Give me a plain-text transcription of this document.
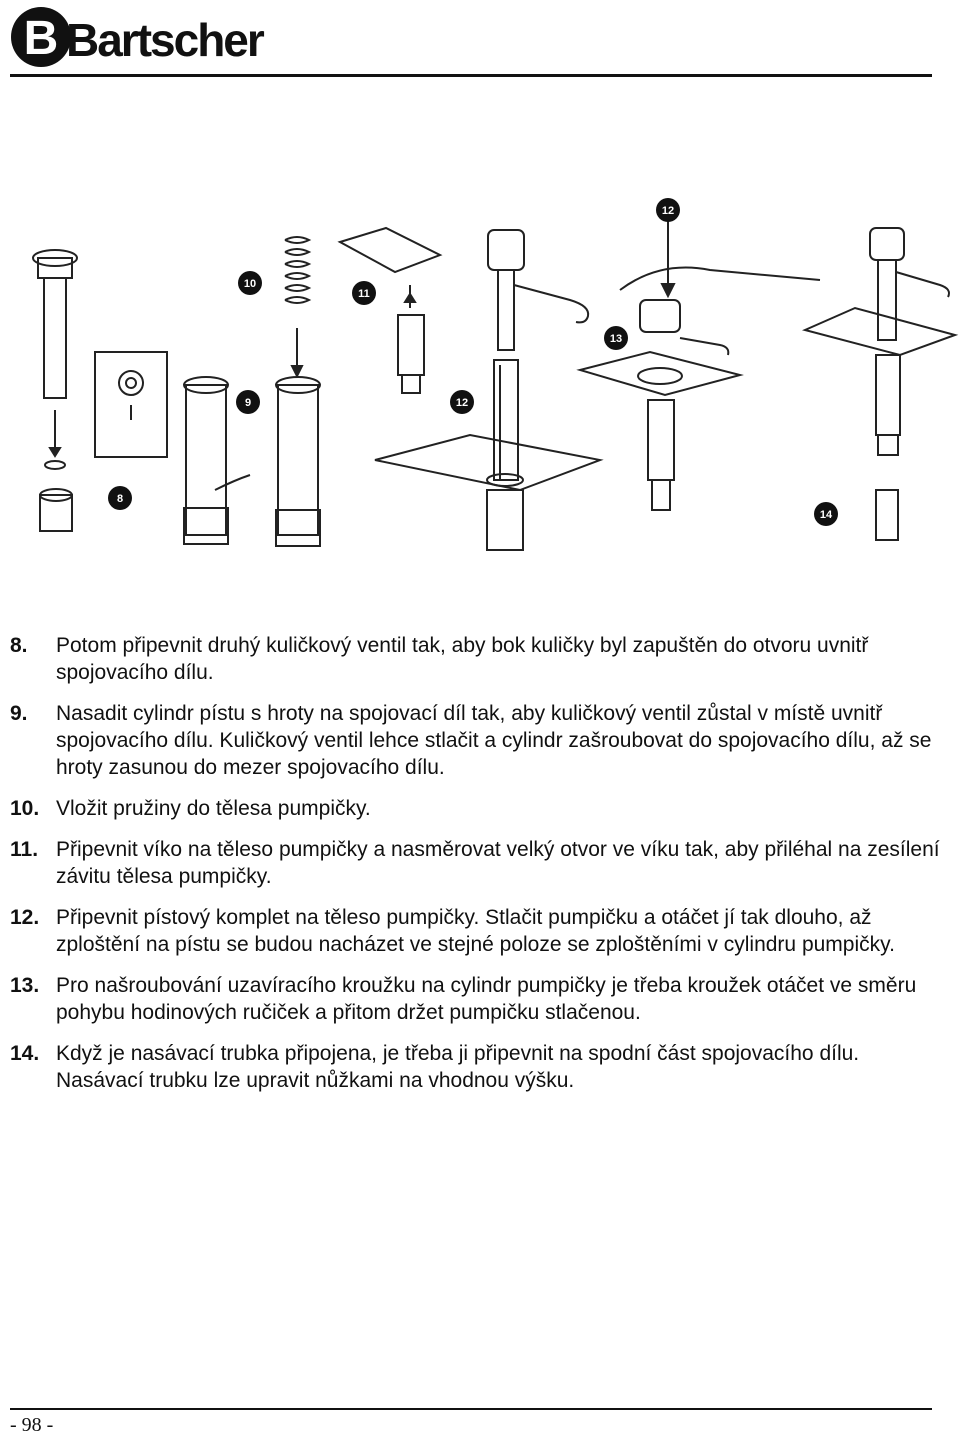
B Bartscher
8
9
10
11
12
12
13
14
8.	Potom připevnit druhý kuličkový ventil tak, aby bok kuličky byl zapuštěn do otvoru uvnitř spojovacího dílu.
9.	Nasadit cylindr pístu s hroty na spojovací díl tak, aby kuličkový ventil zůstal v místě uvnitř spojovacího dílu. Kuličkový ventil lehce stlačit a cylindr zašroubovat do spojovacího dílu, až se hroty zasunou do mezer spojovacího dílu.
10. Vložit pružiny do tělesa pumpičky.
11. Připevnit víko na těleso pumpičky a nasměrovat velký otvor ve víku tak, aby přiléhal na zesílení závitu tělesa pumpičky.
12. Připevnit pístový komplet na těleso pumpičky. Stlačit pumpičku a otáčet jí tak dlouho, až zploštění na pístu se budou nacházet ve stejné poloze se zploštěními v cylindru pumpičky.
13. Pro našroubování uzavíracího kroužku na cylindr pumpičky je třeba kroužek otáčet ve směru pohybu hodinových ručiček a přitom držet pumpičku stlačenou.
14. Když je nasávací trubka připojena, je třeba ji připevnit na spodní část spojovacího dílu. Nasávací trubku lze upravit nůžkami na vhodnou výšku.
- 98 -
